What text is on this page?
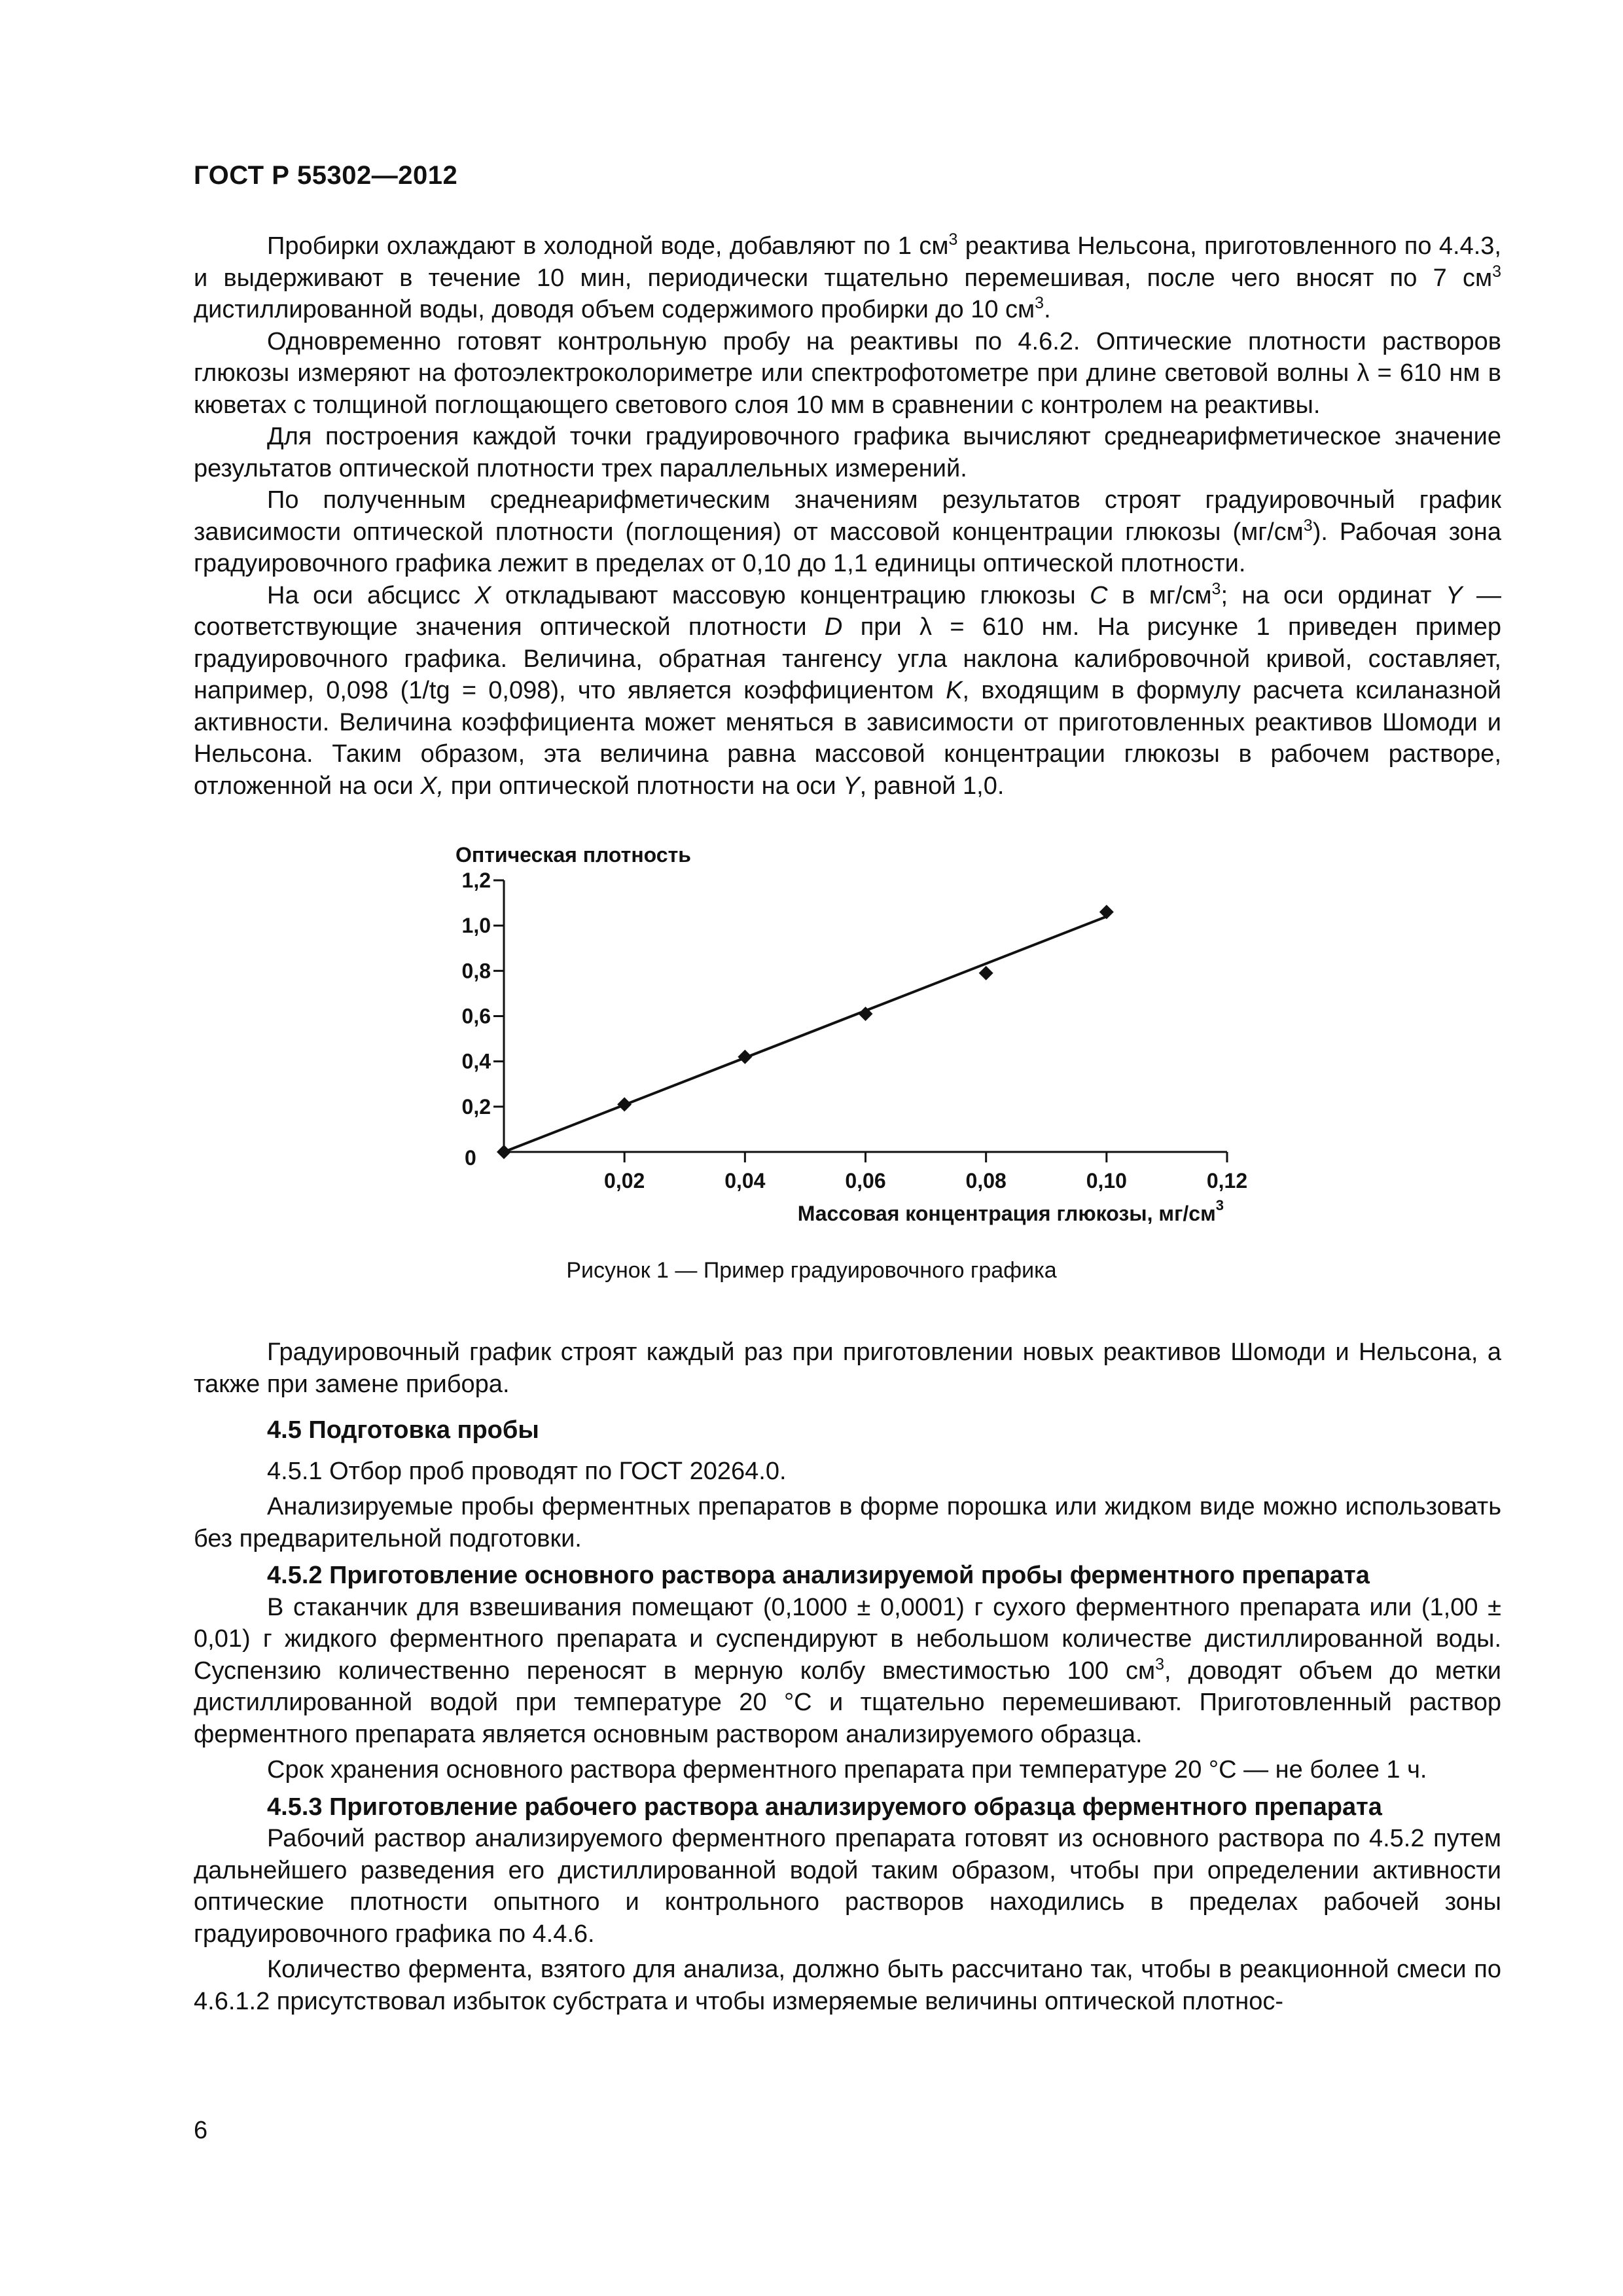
ГОСТ Р 55302—2012

Пробирки охлаждают в холодной воде, добавляют по 1 $см^3$ реактива Нельсона, приготовленного по 4.4.3, и выдерживают в течение 10 мин, периодически тщательно перемешивая, после чего вносят по 7 $см^3$ дистиллированной воды, доводя объем содержимого пробирки до 10 $см^3$.

Одновременно готовят контрольную пробу на реактивы по 4.6.2. Оптические плотности растворов глюкозы измеряют на фотоэлектроколориметре или спектрофотометре при длине световой волны λ = 610 нм в кюветах с толщиной поглощающего светового слоя 10 мм в сравнении с контролем на реактивы.

Для построения каждой точки градуировочного графика вычисляют среднеарифметическое значение результатов оптической плотности трех параллельных измерений.

По полученным среднеарифметическим значениям результатов строят градуировочный график зависимости оптической плотности (поглощения) от массовой концентрации глюкозы $(мг/см^3)$. Рабочая зона градуировочного графика лежит в пределах от 0,10 до 1,1 единицы оптической плотности.

На оси абсцисс X откладывают массовую концентрацию глюкозы C в $мг/см^3$; на оси ординат Y — соответствующие значения оптической плотности D при λ = 610 нм. На рисунке 1 приведен пример градуировочного графика. Величина, обратная тангенсу угла наклона калибровочной кривой, составляет, например, 0,098 (1/tg = 0,098), что является коэффициентом K, входящим в формулу расчета ксиланазной активности. Величина коэффициента может меняться в зависимости от приготовленных реактивов Шомоди и Нельсона. Таким образом, эта величина равна массовой концентрации глюкозы в рабочем растворе, отложенной на оси X, при оптической плотности на оси Y, равной 1,0.

Оптическая плотность
0,2
0,4
0,6
0,8
1,0
1,2
0,02	0,04	0,06	0,08	0,10	0,12
0
Массовая концентрация глюкозы, $мг/см^3$
Рисунок 1 — Пример градуировочного графика

Градуировочный график строят каждый раз при приготовлении новых реактивов Шомоди и Нельсона, а также при замене прибора.

4.5 Подготовка пробы

4.5.1 Отбор проб проводят по ГОСТ 20264.0.

Анализируемые пробы ферментных препаратов в форме порошка или жидком виде можно использовать без предварительной подготовки.

4.5.2 Приготовление основного раствора анализируемой пробы ферментного препарата

В стаканчик для взвешивания помещают (0,1000 ± 0,0001) г сухого ферментного препарата или (1,00 ± 0,01) г жидкого ферментного препарата и суспендируют в небольшом количестве дистиллированной воды. Суспензию количественно переносят в мерную колбу вместимостью 100 $см^3$, доводят объем до метки дистиллированной водой при температуре 20 °С и тщательно перемешивают. Приготовленный раствор ферментного препарата является основным раствором анализируемого образца.

Срок хранения основного раствора ферментного препарата при температуре 20 °С — не более 1 ч.

4.5.3 Приготовление рабочего раствора анализируемого образца ферментного препарата

Рабочий раствор анализируемого ферментного препарата готовят из основного раствора по 4.5.2 путем дальнейшего разведения его дистиллированной водой таким образом, чтобы при определении активности оптические плотности опытного и контрольного растворов находились в пределах рабочей зоны градуировочного графика по 4.4.6.

Количество фермента, взятого для анализа, должно быть рассчитано так, чтобы в реакционной смеси по 4.6.1.2 присутствовал избыток субстрата и чтобы измеряемые величины оптической плотнос-

6
